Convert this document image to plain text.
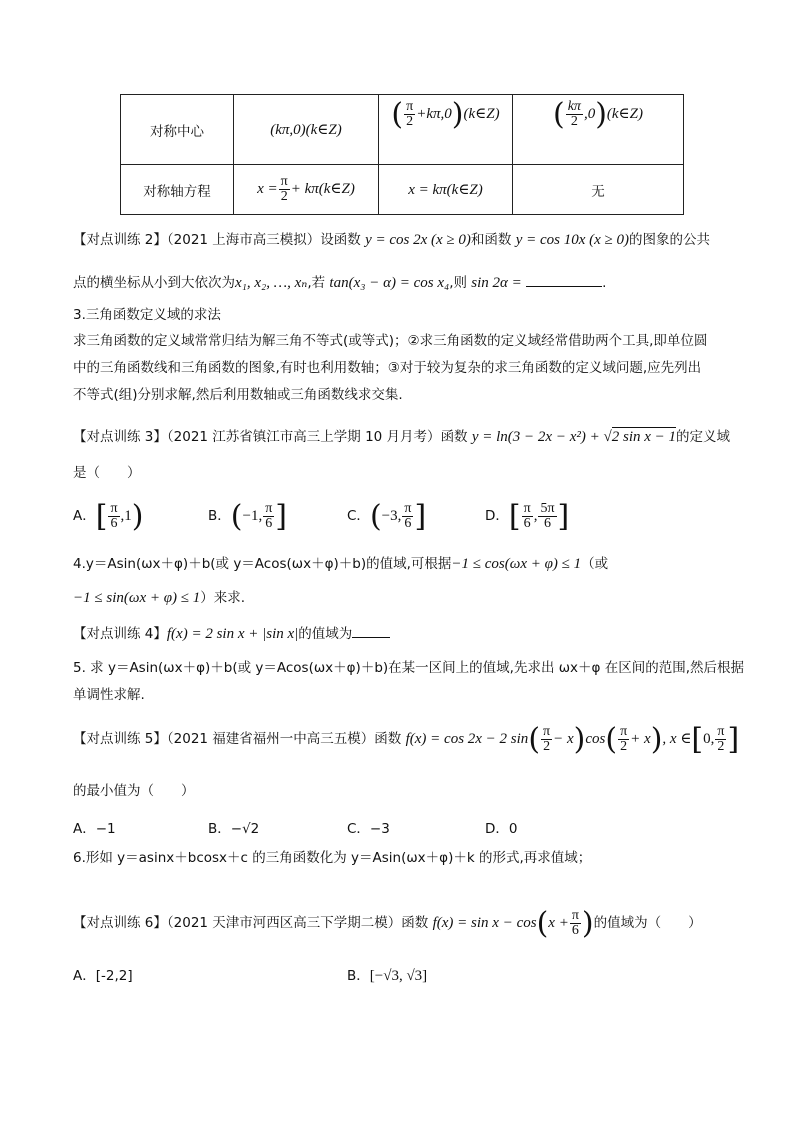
对称中心	(kπ,0)(k∈Z)	( $\frac{\pi}{2}$ +kπ,0)(k∈Z)	( $\frac{k\pi}{2}$ ,0)(k∈Z)
对称轴方程	$x = \frac{\pi}{2}$ + kπ(k∈Z)	x = kπ(k∈Z)	无
【对点训练 2】（2021 上海市高三模拟）设函数 y = cos 2x (x ≥ 0)和函数 y = cos 10x (x ≥ 0)的图象的公共
点的横坐标从小到大依次为x₁, x₂, …, xₙ,若 tan(x₃ − α) = cos x₄,则 sin 2α =	.
3.三角函数定义域的求法
求三角函数的定义域常常归结为解三角不等式(或等式)；②求三角函数的定义域经常借助两个工具,即单位圆
中的三角函数线和三角函数的图象,有时也利用数轴；③对于较为复杂的求三角函数的定义域问题,应先列出
不等式(组)分别求解,然后利用数轴或三角函数线求交集.
【对点训练 3】（2021 江苏省镇江市高三上学期 10 月月考）函数 y = ln(3 − 2x − x²) + √2 sin x − 1的定义域
是（　　）
A．[ $\frac{\pi}{6} ,1$)	B．(−1, $\frac{\pi}{6}$ ]	C．(−3, $\frac{\pi}{6}$ ]	D．[ $\frac{\pi}{6}$ , $\frac{5\pi}{6}$ ]
4.y＝Asin(ωx＋φ)＋b(或 y＝Acos(ωx＋φ)＋b)的值域,可根据−1 ≤ cos(ωx + φ) ≤ 1（或
−1 ≤ sin(ωx + φ) ≤ 1）来求.
【对点训练 4】f(x) = 2 sin x + |sin x|的值域为
5. 求 y＝Asin(ωx＋φ)＋b(或 y＝Acos(ωx＋φ)＋b)在某一区间上的值域,先求出 ωx＋φ 在区间的范围,然后根据
单调性求解.
【对点训练 5】（2021 福建省福州一中高三五模）函数 f(x) = cos 2x − 2 $\sin( \frac{\pi}{2} - x)\cos( \frac{\pi}{2} + x)$, x ∈[0, $\frac{\pi}{2}$ ]
的最小值为（　　）
A．−1	B．−√2	C．−3	D．0
6.形如 y＝asinx＋bcosx＋c 的三角函数化为 y＝Asin(ωx＋φ)＋k 的形式,再求值域；
【对点训练 6】（2021 天津市河西区高三下学期二模）函数 $f(x) = \sin x - \cos(x + \frac{\pi}{6}$ )的值域为（　　）
A．[-2,2]	B．[−√3, √3]
